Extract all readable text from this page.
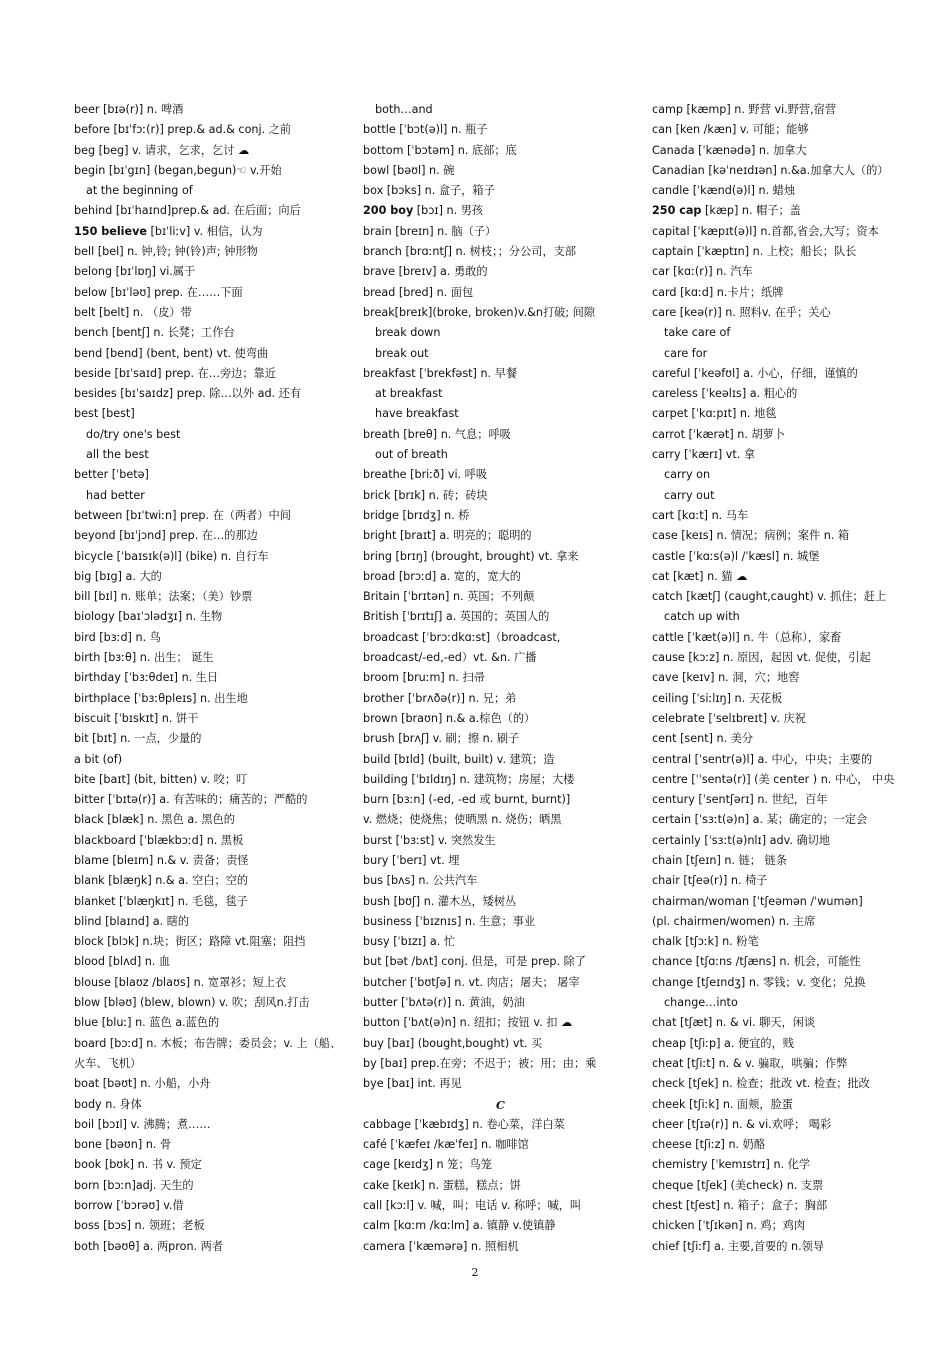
beer [bɪə(r)] n. 啤酒
before [bɪˈfɔː(r)] prep.& ad.& conj. 之前
beg [beg] v. 请求，乞求，乞讨 ☁
begin [bɪˈgɪn] (began,begun)☜ v.开始
at the beginning of
behind [bɪˈhaɪnd]prep.& ad. 在后面；向后
150 believe [bɪˈliːv] v. 相信，认为
bell [bel] n. 钟,铃; 钟(铃)声; 钟形物
belong [bɪˈlɒŋ] vi.属于
below [bɪˈləʊ] prep. 在……下面
belt [belt] n. （皮）带
bench [bentʃ] n. 长凳；工作台
bend [bend] (bent, bent) vt. 使弯曲
beside [bɪˈsaɪd] prep. 在…旁边；靠近
besides [bɪˈsaɪdz] prep. 除…以外 ad. 还有
best [best]
do/try one's best
all the best
better [ˈbetə]
had better
between [bɪˈtwiːn] prep. 在（两者）中间
beyond [bɪˈjɔnd] prep. 在…的那边
bicycle [ˈbaɪsɪk(ə)l] (bike) n. 自行车
big [bɪg] a. 大的
bill [bɪl] n. 账单；法案；（美）钞票
biology [baɪˈɔlədʒɪ] n. 生物
bird [bɜːd] n. 鸟
birth [bɜːθ] n. 出生； 诞生
birthday [ˈbɜːθdeɪ] n. 生日
birthplace [ˈbɜːθpleɪs] n. 出生地
biscuit [ˈbɪskɪt] n. 饼干
bit [bɪt] n. 一点，少量的
a bit (of)
bite [baɪt] (bit, bitten) v. 咬；叮
bitter [ˈbɪtə(r)] a. 有苦味的；痛苦的；严酷的
black [blæk] n. 黑色 a. 黑色的
blackboard [ˈblækbɔːd] n. 黑板
blame [bleɪm] n.& v. 责备；责怪
blank [blæŋk] n.& a. 空白；空的
blanket [ˈblæŋkɪt] n. 毛毯，毯子
blind [blaɪnd] a. 瞎的
block [blɔk] n.块；街区；路障 vt.阻塞；阻挡
blood [blʌd] n. 血
blouse [blaʊz /blaʊs] n. 宽罩衫；短上衣
blow [bləʊ] (blew, blown) v. 吹；刮风n.打击
blue [bluː] n. 蓝色 a.蓝色的
board [bɔːd] n. 木板；布告牌；委员会；v. 上（船、
火车、飞机）
boat [bəʊt] n. 小船，小舟
body n. 身体
boil [bɔɪl] v. 沸腾；煮……
bone [bəʊn] n. 骨
book [bʊk] n. 书 v. 预定
born [bɔːn]adj. 天生的
borrow [ˈbɔrəʊ] v.借
boss [bɔs] n. 领班；老板
both [bəʊθ] a. 两pron. 两者
both…and
bottle [ˈbɔt(ə)l] n. 瓶子
bottom [ˈbɔtəm] n. 底部；底
bowl [bəʊl] n. 碗
box [bɔks] n. 盒子，箱子
200 boy [bɔɪ] n. 男孩
brain [breɪn] n. 脑（子）
branch [brɑːntʃ] n. 树枝；；分公司，支部
brave [breɪv] a. 勇敢的
bread [bred] n. 面包
break[breɪk](broke, broken)v.&n打破; 间隙
break down
break out
breakfast [ˈbrekfəst] n. 早餐
at breakfast
have breakfast
breath [breθ] n. 气息；呼吸
out of breath
breathe [briːð] vi. 呼吸
brick [brɪk] n. 砖；砖块
bridge [brɪdʒ] n. 桥
bright [braɪt] a. 明亮的；聪明的
bring [brɪŋ] (brought, brought) vt. 拿来
broad [brɔːd] a. 宽的，宽大的
Britain [ˈbrɪtən] n. 英国；不列颠
British [ˈbrɪtɪʃ] a. 英国的；英国人的
broadcast [ˈbrɔːdkɑːst]（broadcast,
broadcast/-ed,-ed）vt. &n. 广播
broom [bruːm] n. 扫帚
brother [ˈbrʌðə(r)] n. 兄；弟
brown [braʊn] n.& a.棕色（的）
brush [brʌʃ] v. 刷；擦 n. 刷子
build [bɪld] (built, built) v. 建筑；造
building [ˈbɪldɪŋ] n. 建筑物；房屋；大楼
burn [bɜːn] (-ed, -ed 或 burnt, burnt)]
v. 燃烧；使烧焦；使晒黑 n. 烧伤；晒黑
burst [ˈbɜːst] v. 突然发生
bury [ˈberɪ] vt. 埋
bus [bʌs] n. 公共汽车
bush [bʊʃ] n. 灌木丛，矮树丛
business [ˈbɪznɪs] n. 生意；事业
busy [ˈbɪzɪ] a. 忙
but [bət /bʌt] conj. 但是，可是 prep. 除了
butcher [ˈbʊtʃə] n. vt. 肉店；屠夫； 屠宰
butter [ˈbʌtə(r)] n. 黄油，奶油
button [ˈbʌt(ə)n] n. 纽扣；按钮 v. 扣 ☁
buy [baɪ] (bought,bought) vt. 买
by [baɪ] prep.在旁；不迟于；被；用；由；乘
bye [baɪ] int. 再见
C
cabbage [ˈkæbɪdʒ] n. 卷心菜，洋白菜
café [ˈkæfeɪ /kæˈfeɪ] n. 咖啡馆
cage [keɪdʒ] n 笼；鸟笼
cake [keɪk] n. 蛋糕，糕点；饼
call [kɔːl] v. 喊，叫；电话 v. 称呼；喊，叫
calm [kɑːm /kɑːlm] a. 镇静 v.使镇静
camera [ˈkæmərə] n. 照相机
camp [kæmp] n. 野营 vi.野营,宿营
can [ken /kæn] v. 可能；能够
Canada [ˈkænədə] n. 加拿大
Canadian [kəˈneɪdɪən] n.&a.加拿大人（的）
candle [ˈkænd(ə)l] n. 蜡烛
250 cap [kæp] n. 帽子；盖
capital [ˈkæpɪt(ə)l] n.首都,省会,大写；资本
captain [ˈkæptɪn] n. 上校；船长；队长
car [kɑː(r)] n. 汽车
card [kɑːd] n.卡片；纸牌
care [keə(r)] n. 照料v. 在乎；关心
take care of
care for
careful [ˈkeəfʊl] a. 小心，仔细，谨慎的
careless [ˈkeəlɪs] a. 粗心的
carpet [ˈkɑːpɪt] n. 地毯
carrot [ˈkærət] n. 胡萝卜
carry [ˈkærɪ] vt. 拿
carry on
carry out
cart [kɑːt] n. 马车
case [keɪs] n. 情况；病例；案件 n. 箱
castle [ˈkɑːs(ə)l /ˈkæsl] n. 城堡
cat [kæt] n. 猫 ☁
catch [kætʃ] (caught,caught) v. 抓住；赶上
catch up with
cattle [ˈkæt(ə)l] n. 牛（总称），家畜
cause [kɔːz] n. 原因，起因 vt. 促使，引起
cave [keɪv] n. 洞，穴；地窖
ceiling [ˈsiːlɪŋ] n. 天花板
celebrate [ˈselɪbreɪt] v. 庆祝
cent [sent] n. 美分
central [ˈsentr(ə)l] a. 中心，中央；主要的
centre [ˈˈsentə(r)] (美 center ) n. 中心， 中央
century [ˈsentʃərɪ] n. 世纪，百年
certain [ˈsɜːt(ə)n] a. 某；确定的；一定会
certainly [ˈsɜːt(ə)nlɪ] adv. 确切地
chain [tʃeɪn] n. 链； 链条
chair [tʃeə(r)] n. 椅子
chairman/woman [ˈtʃeəmən /ˈwumən]
(pl. chairmen/women) n. 主席
chalk [tʃɔːk] n. 粉笔
chance [tʃɑːns /tʃæns] n. 机会，可能性
change [tʃeɪndʒ] n. 零钱；v. 变化；兑换
change…into
chat [tʃæt] n. & vi. 聊天，闲谈
cheap [tʃiːp] a. 便宜的，贱
cheat [tʃiːt] n. & v. 骗取，哄骗；作弊
check [tʃek] n. 检查；批改 vt. 检查；批改
cheek [tʃiːk] n. 面颊，脸蛋
cheer [tʃɪə(r)] n. & vi.欢呼； 喝彩
cheese [tʃiːz] n. 奶酪
chemistry [ˈkemɪstrɪ] n. 化学
cheque [tʃek] (美check) n. 支票
chest [tʃest] n. 箱子；盒子；胸部
chicken [ˈtʃɪkən] n. 鸡；鸡肉
chief [tʃiːf] a. 主要,首要的 n.领导
2
